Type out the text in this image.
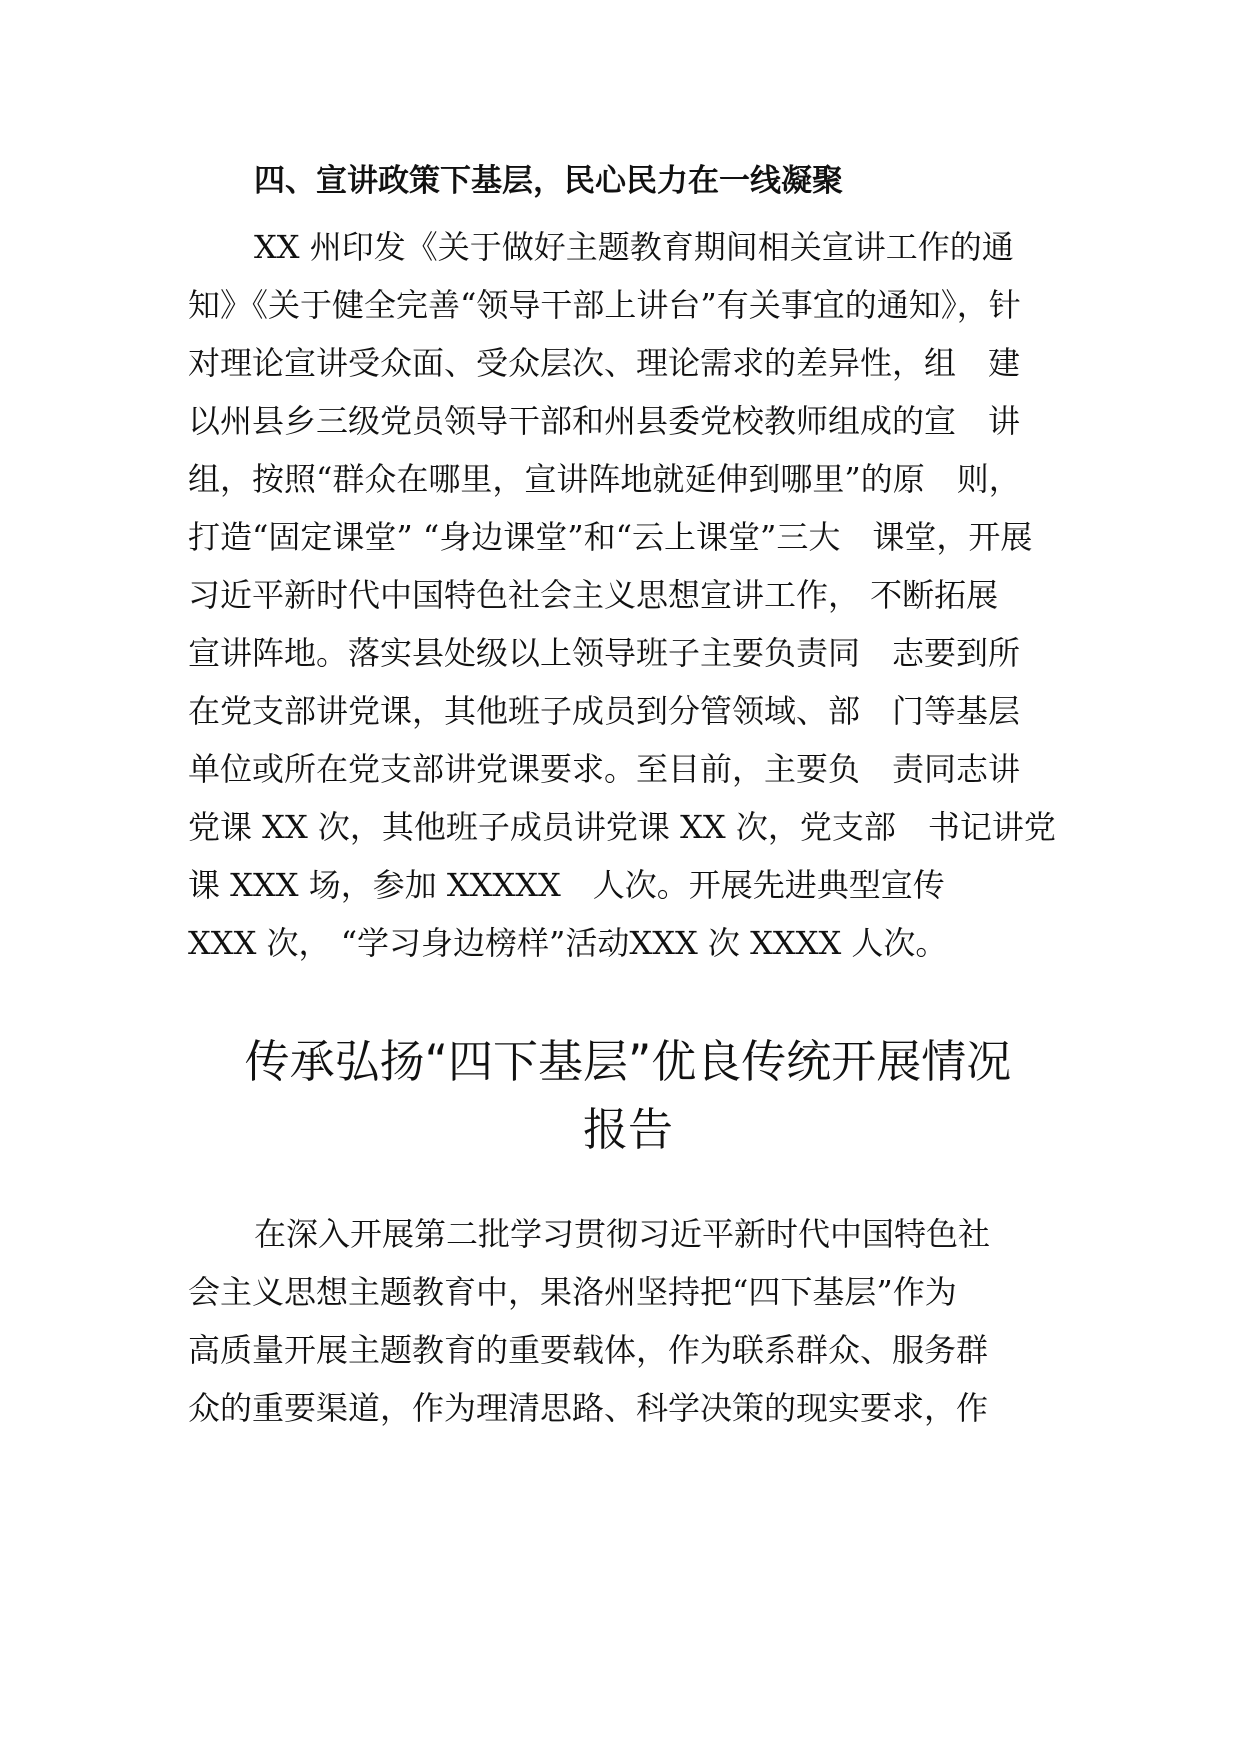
四、宣讲政策下基层，民心民力在一线凝聚

XX 州印发《关于做好主题教育期间相关宣讲工作的通
知》《关于健全完善“领导干部上讲台”有关事宜的通知》，针
对理论宣讲受众面、受众层次、理论需求的差异性，组　建
以州县乡三级党员领导干部和州县委党校教师组成的宣　讲
组，按照“群众在哪里，宣讲阵地就延伸到哪里”的原　则，
打造“固定课堂” “身边课堂”和“云上课堂”三大　课堂，开展
习近平新时代中国特色社会主义思想宣讲工作， 不断拓展
宣讲阵地。落实县处级以上领导班子主要负责同　志要到所
在党支部讲党课，其他班子成员到分管领域、部　门等基层
单位或所在党支部讲党课要求。至目前，主要负　责同志讲
党课 XX 次，其他班子成员讲党课 XX 次，党支部　书记讲党
课 XXX 场，参加 XXXXX　人次。开展先进典型宣传
XXX 次， “学习身边榜样”活动XXX 次 XXXX 人次。

传承弘扬“四下基层”优良传统开展情况
报告

在深入开展第二批学习贯彻习近平新时代中国特色社
会主义思想主题教育中，果洛州坚持把“四下基层”作为
高质量开展主题教育的重要载体，作为联系群众、服务群
众的重要渠道，作为理清思路、科学决策的现实要求，作
